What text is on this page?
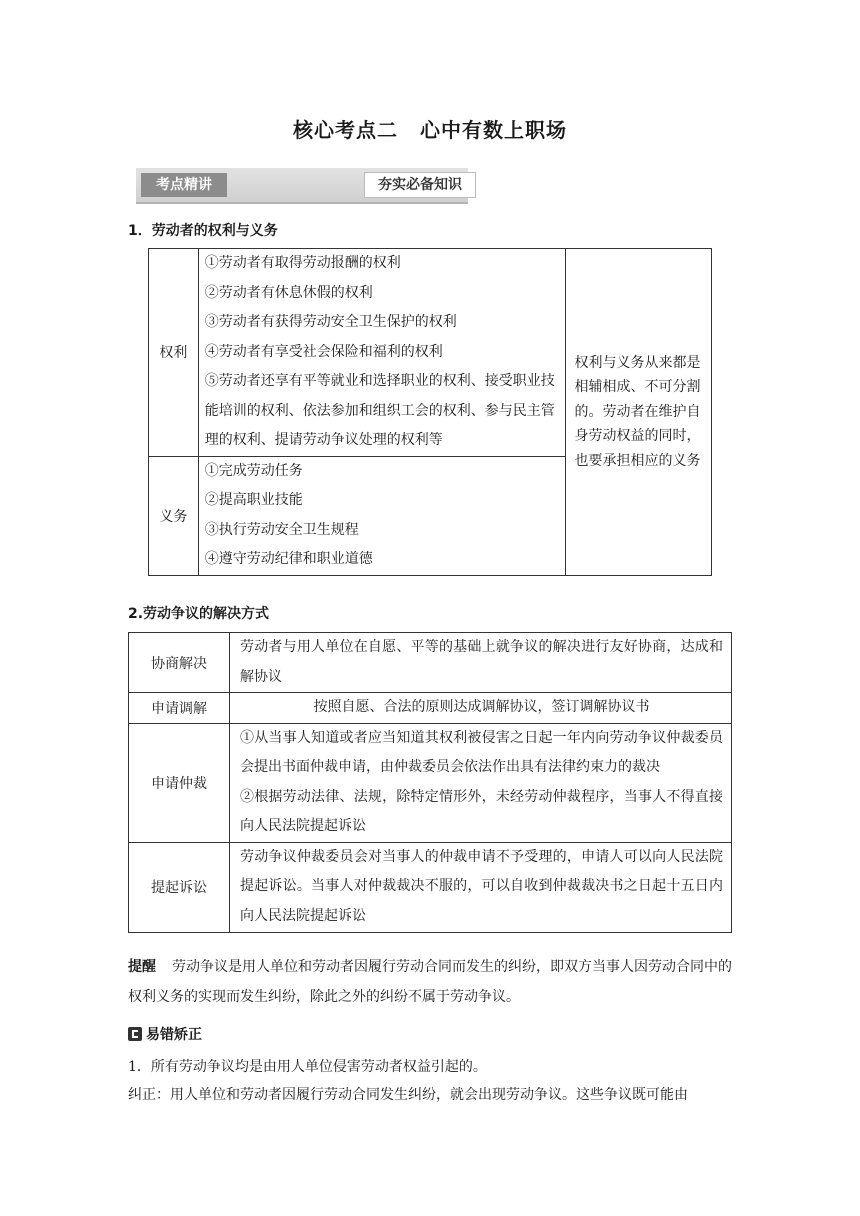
核心考点二 心中有数上职场
考点精讲	夯实必备知识
1．劳动者的权利与义务
权利	①劳动者有取得劳动报酬的权利
②劳动者有休息休假的权利
③劳动者有获得劳动安全卫生保护的权利
④劳动者有享受社会保险和福利的权利
⑤劳动者还享有平等就业和选择职业的权利、接受职业技能培训的权利、依法参加和组织工会的权利、参与民主管理的权利、提请劳动争议处理的权利等	权利与义务从来都是相辅相成、不可分割的。劳动者在维护自身劳动权益的同时，也要承担相应的义务
义务	①完成劳动任务
②提高职业技能
③执行劳动安全卫生规程
④遵守劳动纪律和职业道德	
2.劳动争议的解决方式
协商解决	劳动者与用人单位在自愿、平等的基础上就争议的解决进行友好协商，达成和解协议
申请调解	按照自愿、合法的原则达成调解协议，签订调解协议书
申请仲裁	①从当事人知道或者应当知道其权利被侵害之日起一年内向劳动争议仲裁委员会提出书面仲裁申请，由仲裁委员会依法作出具有法律约束力的裁决
②根据劳动法律、法规，除特定情形外，未经劳动仲裁程序，当事人不得直接向人民法院提起诉讼

提起诉讼	劳动争议仲裁委员会对当事人的仲裁申请不予受理的，申请人可以向人民法院提起诉讼。当事人对仲裁裁决不服的，可以自收到仲裁裁决书之日起十五日内向人民法院提起诉讼

提醒 劳动争议是用人单位和劳动者因履行劳动合同而发生的纠纷，即双方当事人因劳动合同中的权利义务的实现而发生纠纷，除此之外的纠纷不属于劳动争议。

易错矫正

1．所有劳动争议均是由用人单位侵害劳动者权益引起的。

纠正：用人单位和劳动者因履行劳动合同发生纠纷，就会出现劳动争议。这些争议既可能由
